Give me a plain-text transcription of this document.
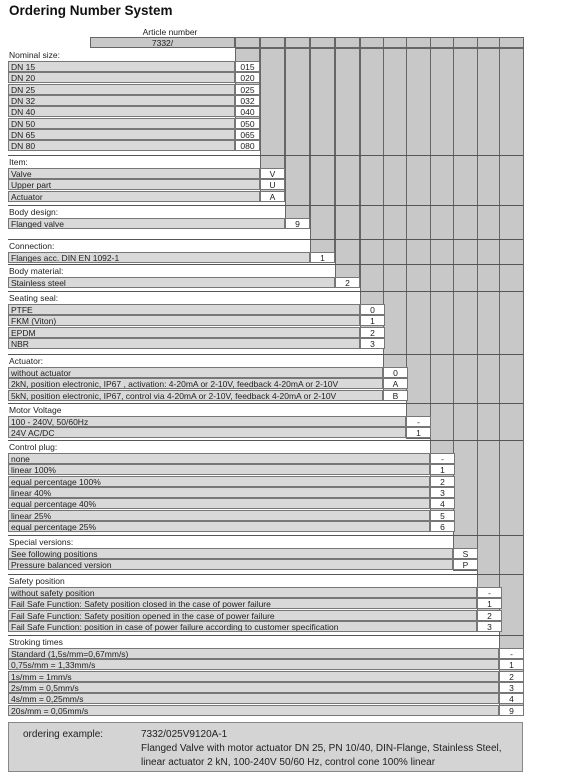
Ordering Number System
Article number
7332/
Nominal size:
DN 15	015
DN 20	020
DN 25	025
DN 32	032
DN 40	040
DN 50	050
DN 65	065
DN 80	080
Item:
Valve	V
Upper part	U
Actuator	A
Body design:
Flanged valve	9
Connection:
Flanges acc. DIN EN 1092-1	1
Body material:
Stainless steel	2
Seating seal:
PTFE	0
FKM (Viton)	1
EPDM	2
NBR	3
Actuator:
without actuator	0
2kN, position electronic, IP67 , activation: 4-20mA or 2-10V, feedback 4-20mA or 2-10V	A
5kN, position electronic, IP67, control via 4-20mA or 2-10V, feedback 4-20mA or 2-10V	B
Motor Voltage
100 - 240V, 50/60Hz	-
24V AC/DC	1
Control plug:
none	-
linear 100%	1
equal percentage 100%	2
linear 40%	3
equal percentage 40%	4
linear 25%	5
equal percentage 25%	6
Special versions:
See following positions	S
Pressure balanced version	P
Safety position
without safety position	-
Fail Safe Function: Safety position closed in the case of power failure	1
Fail Safe Function: Safety position opened in the case of power failure	2
Fail Safe Function: position in case of power failure according to customer specification	3
Stroking times
Standard (1,5s/mm=0,67mm/s)	-
0,75s/mm = 1,33mm/s	1
1s/mm = 1mm/s	2
2s/mm = 0,5mm/s	3
4s/mm = 0,25mm/s	4
20s/mm = 0,05mm/s	9
ordering example:	7332/025V9120A-1
Flanged Valve with motor actuator DN 25, PN 10/40, DIN-Flange, Stainless Steel,
linear actuator 2 kN, 100-240V 50/60 Hz, control cone 100% linear
